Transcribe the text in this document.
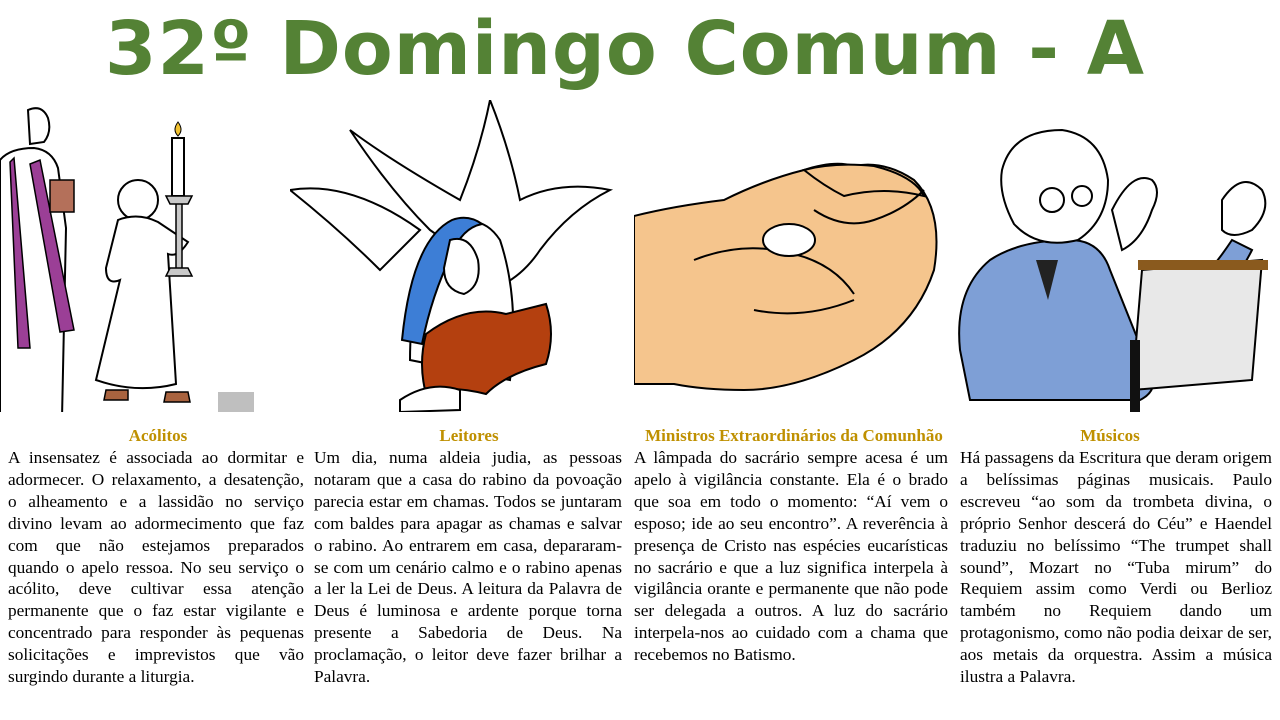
32º Domingo Comum - A
Acólitos
A insensatez é associada ao dormitar e adormecer. O relaxamento, a desatenção, o alheamento e a lassidão no serviço divino levam ao adormecimento que faz com que não estejamos preparados quando o apelo ressoa. No seu serviço o acólito, deve cultivar essa atenção permanente que o faz estar vigilante e concentrado para responder às pequenas solicitações e imprevistos que vão surgindo durante a liturgia.
Leitores
Um dia, numa aldeia judia, as pessoas notaram que a casa do rabino da povoação parecia estar em chamas. Todos se juntaram com baldes para apagar as chamas e salvar o rabino. Ao entrarem em casa, depararam-se com um cenário calmo e o rabino apenas a ler la Lei de Deus. A leitura da Palavra de Deus é luminosa e ardente porque torna presente a Sabedoria de Deus. Na proclamação, o leitor deve fazer brilhar a Palavra.
Ministros Extraordinários da Comunhão
A lâmpada do sacrário sempre acesa é um apelo à vigilância constante. Ela é o brado que soa em todo o momento: “Aí vem o esposo; ide ao seu encontro”. A reverência à presença de Cristo nas espécies eucarísticas no sacrário e que a luz significa interpela à vigilância orante e permanente que não pode ser delegada a outros. A luz do sacrário interpela-nos ao cuidado com a chama que recebemos no Batismo.
Músicos
Há passagens da Escritura que deram origem a belíssimas páginas musicais. Paulo escreveu “ao som da trombeta divina, o próprio Senhor descerá do Céu” e Haendel traduziu no belíssimo “The trumpet shall sound”, Mozart no “Tuba mirum” do Requiem assim como Verdi ou Berlioz também no Requiem dando um protagonismo, como não podia deixar de ser, aos metais da orquestra. Assim a música ilustra a Palavra.
